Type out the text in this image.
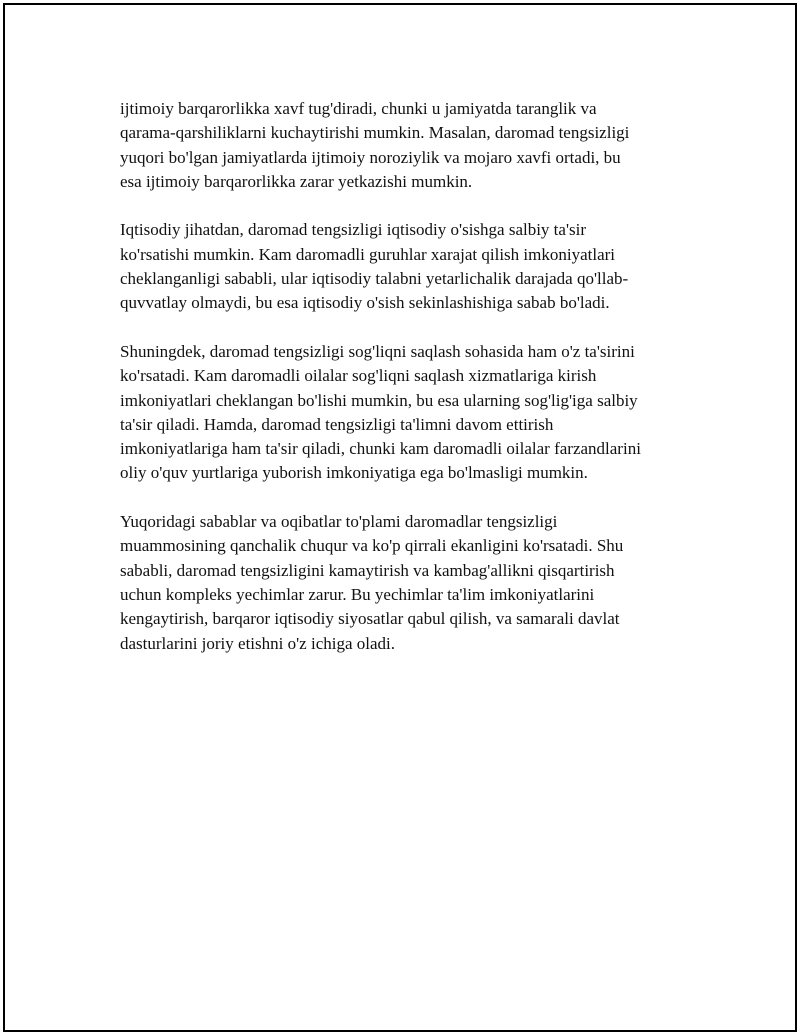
ijtimoiy barqarorlikka xavf tug'diradi, chunki u jamiyatda taranglik va
qarama-qarshiliklarni kuchaytirishi mumkin. Masalan, daromad tengsizligi
yuqori bo'lgan jamiyatlarda ijtimoiy noroziylik va mojaro xavfi ortadi, bu
esa ijtimoiy barqarorlikka zarar yetkazishi mumkin.

Iqtisodiy jihatdan, daromad tengsizligi iqtisodiy o'sishga salbiy ta'sir
ko'rsatishi mumkin. Kam daromadli guruhlar xarajat qilish imkoniyatlari
cheklanganligi sababli, ular iqtisodiy talabni yetarlichalik darajada qo'llab-
quvvatlay olmaydi, bu esa iqtisodiy o'sish sekinlashishiga sabab bo'ladi.

Shuningdek, daromad tengsizligi sog'liqni saqlash sohasida ham o'z ta'sirini
ko'rsatadi. Kam daromadli oilalar sog'liqni saqlash xizmatlariga kirish
imkoniyatlari cheklangan bo'lishi mumkin, bu esa ularning sog'lig'iga salbiy
ta'sir qiladi. Hamda, daromad tengsizligi ta'limni davom ettirish
imkoniyatlariga ham ta'sir qiladi, chunki kam daromadli oilalar farzandlarini
oliy o'quv yurtlariga yuborish imkoniyatiga ega bo'lmasligi mumkin.

Yuqoridagi sabablar va oqibatlar to'plami daromadlar tengsizligi
muammosining qanchalik chuqur va ko'p qirrali ekanligini ko'rsatadi. Shu
sababli, daromad tengsizligini kamaytirish va kambag'allikni qisqartirish
uchun kompleks yechimlar zarur. Bu yechimlar ta'lim imkoniyatlarini
kengaytirish, barqaror iqtisodiy siyosatlar qabul qilish, va samarali davlat
dasturlarini joriy etishni o'z ichiga oladi.
